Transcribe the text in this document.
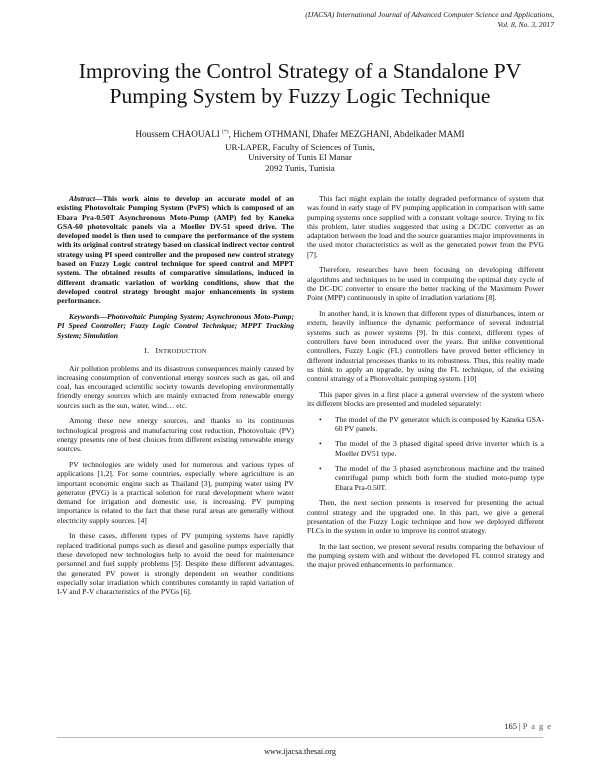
(IJACSA) International Journal of Advanced Computer Science and Applications,
Vol. 8, No. 3, 2017
Improving the Control Strategy of a Standalone PV Pumping System by Fuzzy Logic Technique
Houssem CHAOUALI (*), Hichem OTHMANI, Dhafer MEZGHANI, Abdelkader MAMI
UR-LAPER, Faculty of Sciences of Tunis,
University of Tunis El Manar
2092 Tunis, Tunisia

Abstract—This work aims to develop an accurate model of an existing Photovoltaic Pumping System (PvPS) which is composed of an Ebara Pra-0.50T Asynchronous Moto-Pump (AMP) fed by Kaneka GSA-60 photovoltaic panels via a Moeller DV-51 speed drive. The developed model is then used to compare the performance of the system with its original control strategy based on classical indirect vector control strategy using PI speed controller and the proposed new control strategy based on Fuzzy Logic control technique for speed control and MPPT system. The obtained results of comparative simulations, induced in different dramatic variation of working conditions, show that the developed control strategy brought major enhancements in system performance.

Keywords—Photovoltaic Pumping System; Asynchronous Moto-Pump; PI Speed Controller; Fuzzy Logic Control Technique; MPPT Tracking System; Simulation

I. INTRODUCTION

Air pollution problems and its disastrous consequences mainly caused by increasing consumption of conventional energy sources such as gas, oil and coal, has encouraged scientific society towards developing environmentally friendly energy sources which are mainly extracted from renewable energy sources such as the sun, water, wind… etc.

Among these new energy sources, and thanks to its continuous technological progress and manufacturing cost reduction, Photovoltaic (PV) energy presents one of best choices from different existing renewable energy sources.

PV technologies are widely used for numerous and various types of applications [1,2]. For some countries, especially where agriculture is an important economic engine such as Thailand [3], pumping water using PV generator (PVG) is a practical solution for rural development where water demand for irrigation and domestic use, is increasing. PV pumping importance is related to the fact that these rural areas are generally without electricity supply sources. [4]

In these cases, different types of PV pumping systems have rapidly replaced traditional pumps such as diesel and gasoline pumps especially that these developed new technologies help to avoid the need for maintenance personnel and fuel supply problems [5]. Despite these different advantages, the generated PV power is strongly dependent on weather conditions especially solar irradiation which contributes constantly in rapid variation of I-V and P-V characteristics of the PVGs [6].

This fact might explain the totally degraded performance of system that was found in early stage of PV pumping application in comparison with same pumping systems once supplied with a constant voltage source. Trying to fix this problem, later studies suggested that using a DC/DC converter as an adaptation between the load and the source guaranties major improvements in the used motor characteristics as well as the generated power from the PVG [7].

Therefore, researches have been focusing on developing different algorithms and techniques to be used in computing the optimal duty cycle of the DC-DC converter to ensure the better tracking of the Maximum Power Point (MPP) continuously in spite of irradiation variations [8].

In another hand, it is known that different types of disturbances, intern or extern, heavily influence the dynamic performance of several industrial systems such as power systems [9]. In this context, different types of controllers have been introduced over the years. But unlike conventional controllers, Fuzzy Logic (FL) controllers have proved better efficiency in different industrial processes thanks to its robustness. Thus, this reality made us think to apply an upgrade, by using the FL technique, of the existing control strategy of a Photovoltaic pumping system. [10]

This paper gives in a first place a general overview of the system where its different blocks are presented and modeled separately:

• The model of the PV generator which is composed by Kaneka GSA-60 PV panels.
• The model of the 3 phased digital speed drive inverter which is a Moeller DV51 type.
• The model of the 3 phased asynchronous machine and the trained centrifugal pump which both form the studied moto-pump type Ebara Pra-0.50T.

Then, the next section presents is reserved for presenting the actual control strategy and the upgraded one. In this part, we give a general presentation of the Fuzzy Logic technique and how we deployed different FLCs in the system in order to improve its control strategy.

In the last section, we present several results comparing the behaviour of the pumping system with and without the developed FL control strategy and the major proved enhancements in performance.

165 | P a g e
www.ijacsa.thesai.org
